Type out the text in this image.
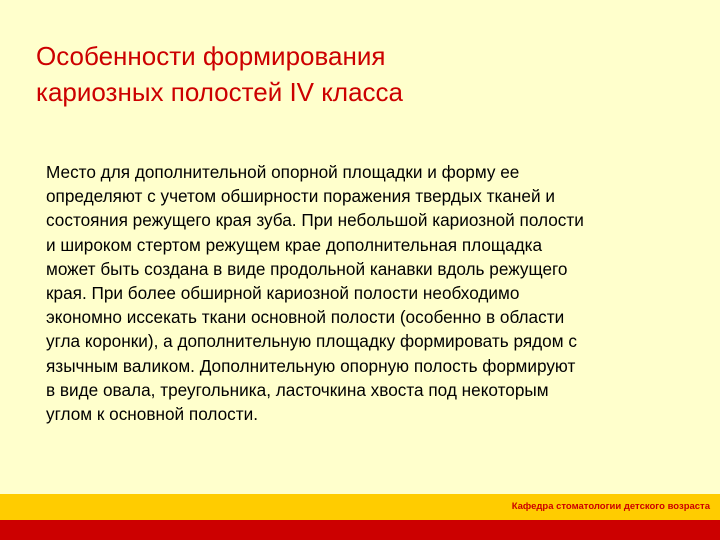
Особенности формирования
кариозных полостей IV класса
Место для дополнительной опорной площадки и форму ее
определяют с учетом обширности поражения твердых тканей и
состояния режущего края зуба. При небольшой кариозной полости
и широком стертом режущем крае дополнительная площадка
может быть создана в виде продольной канавки вдоль режущего
края. При более обширной кариозной полости необходимо
экономно иссекать ткани основной полости (особенно в области
угла коронки), а дополнительную площадку формировать рядом с
язычным валиком. Дополнительную опорную полость формируют
в виде овала, треугольника, ласточкина хвоста под некоторым
углом к основной полости.
Кафедра стоматологии детского возраста
